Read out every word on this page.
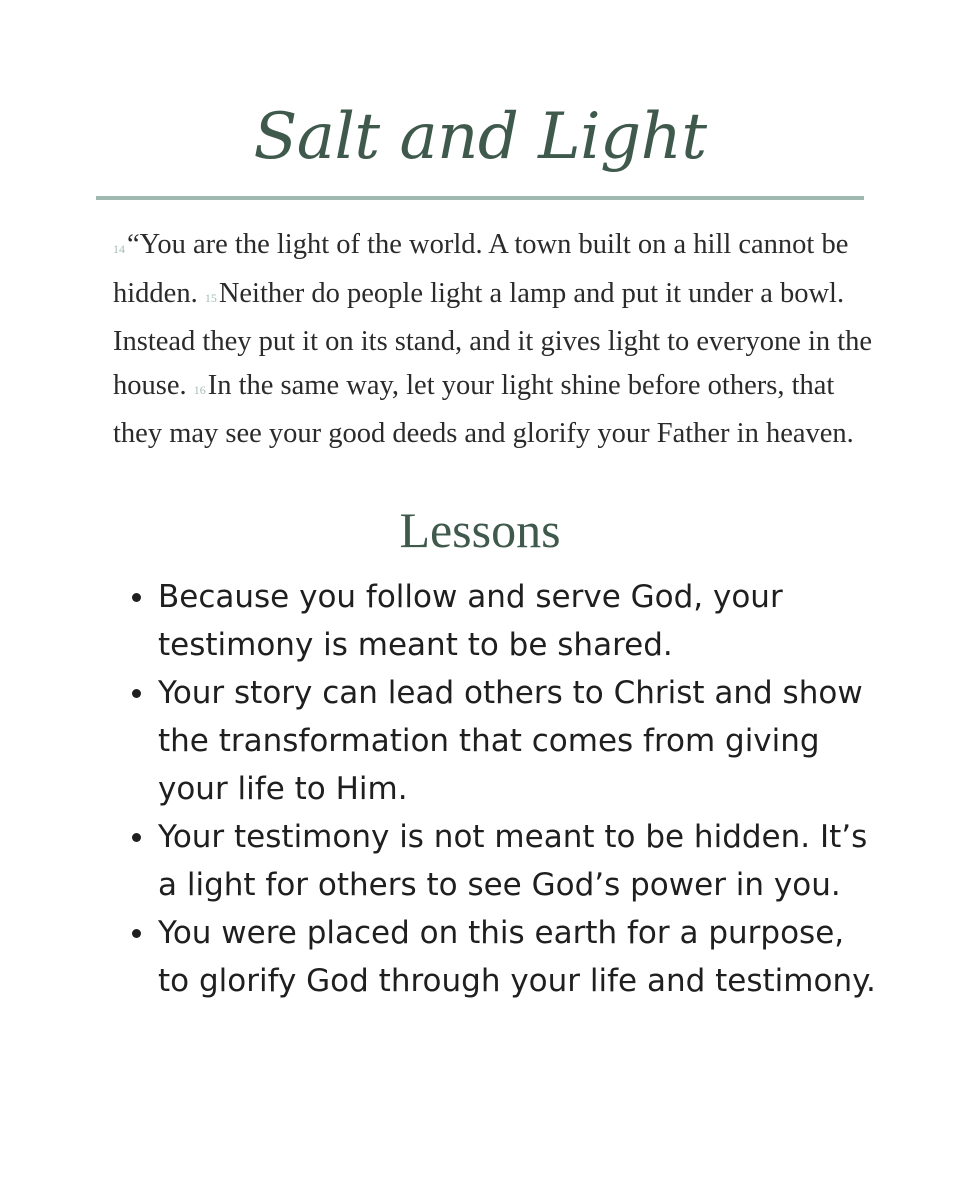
Salt and Light

14“You are the light of the world. A town built on a hill cannot be hidden. 15Neither do people light a lamp and put it under a bowl. Instead they put it on its stand, and it gives light to everyone in the house. 16In the same way, let your light shine before others, that they may see your good deeds and glorify your Father in heaven.

Lessons
Because you follow and serve God, your testimony is meant to be shared.
Your story can lead others to Christ and show the transformation that comes from giving your life to Him.
Your testimony is not meant to be hidden. It’s a light for others to see God’s power in you.
You were placed on this earth for a purpose, to glorify God through your life and testimony.
